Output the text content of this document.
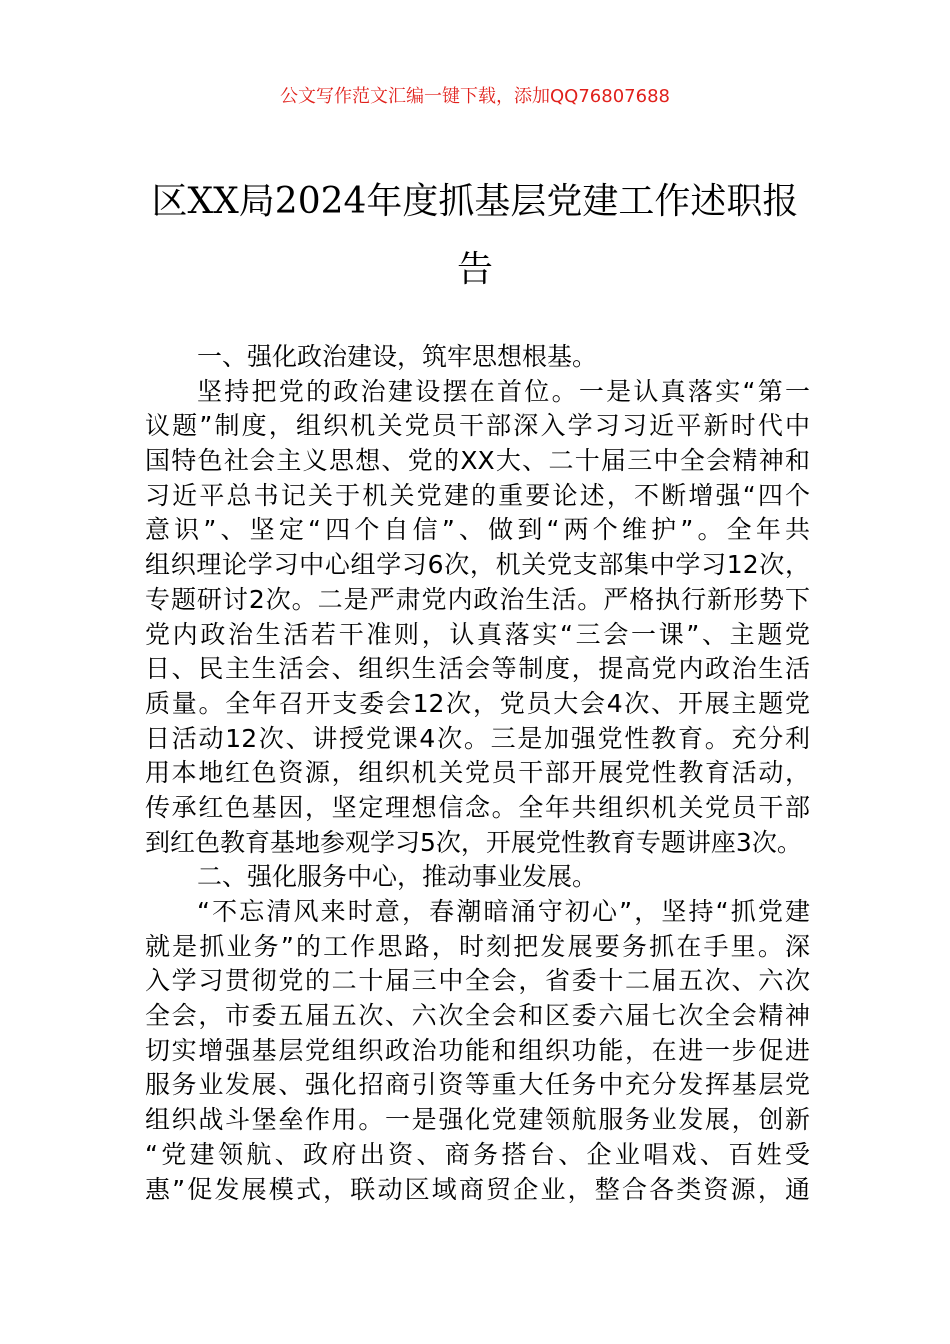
公文写作范文汇编一键下载，添加QQ76807688
区XX局2024年度抓基层党建工作述职报
告
一、强化政治建设，筑牢思想根基。
坚持把党的政治建设摆在首位。一是认真落实“第一
议题”制度，组织机关党员干部深入学习习近平新时代中
国特色社会主义思想、党的XX大、二十届三中全会精神和
习近平总书记关于机关党建的重要论述，不断增强“四个
意识”、坚定“四个自信”、做到“两个维护”。全年共
组织理论学习中心组学习6次，机关党支部集中学习12次，
专题研讨2次。二是严肃党内政治生活。严格执行新形势下
党内政治生活若干准则，认真落实“三会一课”、主题党
日、民主生活会、组织生活会等制度，提高党内政治生活
质量。全年召开支委会12次，党员大会4次、开展主题党
日活动12次、讲授党课4次。三是加强党性教育。充分利
用本地红色资源，组织机关党员干部开展党性教育活动，
传承红色基因，坚定理想信念。全年共组织机关党员干部
到红色教育基地参观学习5次，开展党性教育专题讲座3次。
二、强化服务中心，推动事业发展。
“不忘清风来时意，春潮暗涌守初心”，坚持“抓党建
就是抓业务”的工作思路，时刻把发展要务抓在手里。深
入学习贯彻党的二十届三中全会，省委十二届五次、六次
全会，市委五届五次、六次全会和区委六届七次全会精神
切实增强基层党组织政治功能和组织功能，在进一步促进
服务业发展、强化招商引资等重大任务中充分发挥基层党
组织战斗堡垒作用。一是强化党建领航服务业发展，创新
“党建领航、政府出资、商务搭台、企业唱戏、百姓受
惠”促发展模式，联动区域商贸企业，整合各类资源，通
